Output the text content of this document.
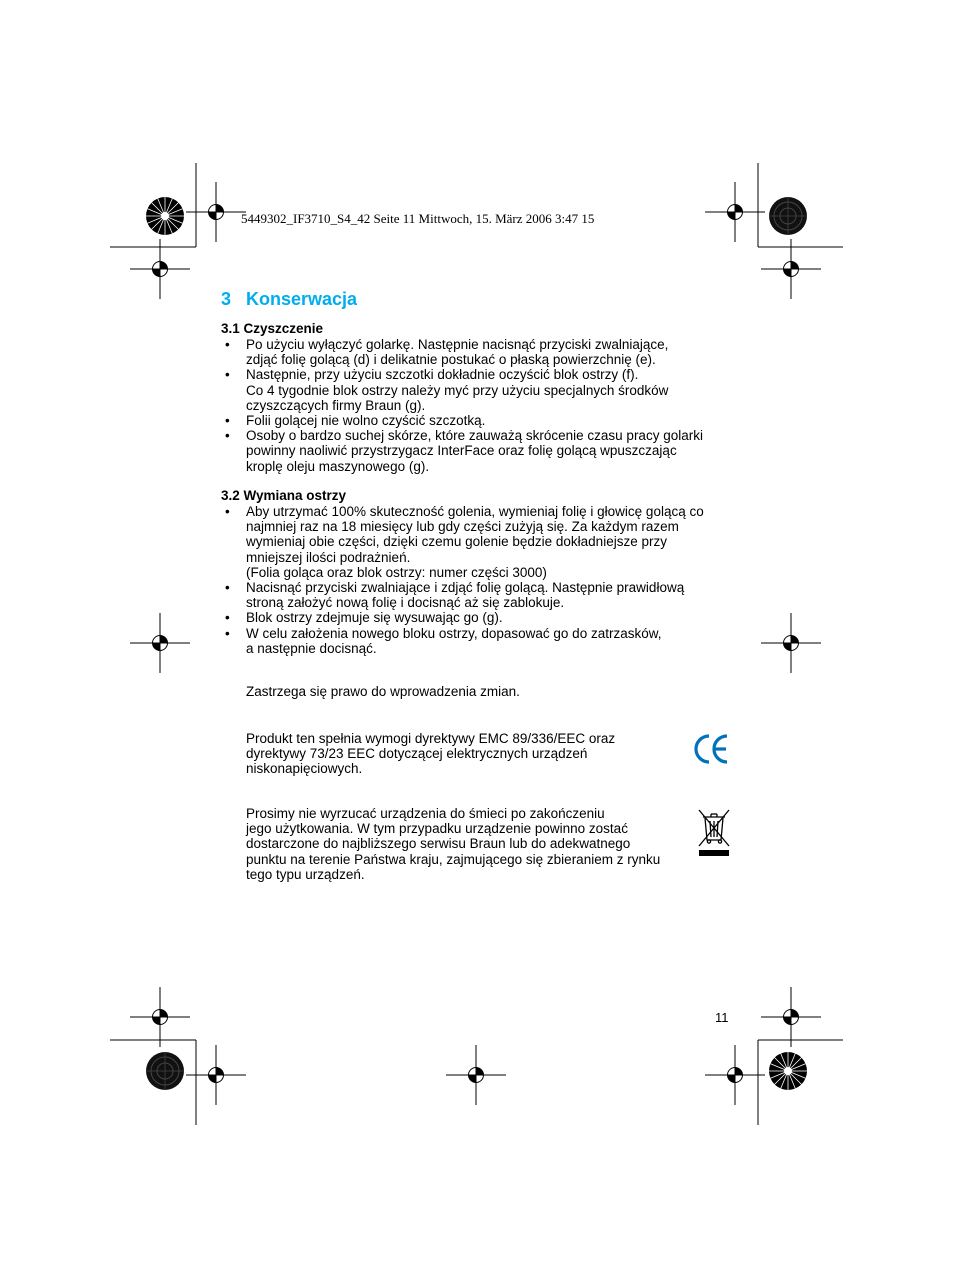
5449302_IF3710_S4_42 Seite 11 Mittwoch, 15. März 2006 3:47 15
3 Konserwacja
3.1 Czyszczenie
• Po użyciu wyłączyć golarkę. Następnie nacisnąć przyciski zwalniające,
zdjąć folię golącą (d) i delikatnie postukać o płaską powierzchnię (e).
• Następnie, przy użyciu szczotki dokładnie oczyścić blok ostrzy (f).
Co 4 tygodnie blok ostrzy należy myć przy użyciu specjalnych środków
czyszczących firmy Braun (g).
• Folii golącej nie wolno czyścić szczotką.
• Osoby o bardzo suchej skórze, które zauważą skrócenie czasu pracy golarki
powinny naoliwić przystrzygacz InterFace oraz folię golącą wpuszczając
kroplę oleju maszynowego (g).
3.2 Wymiana ostrzy
• Aby utrzymać 100% skuteczność golenia, wymieniaj folię i głowicę golącą co
najmniej raz na 18 miesięcy lub gdy części zużyją się. Za każdym razem
wymieniaj obie części, dzięki czemu golenie będzie dokładniejsze przy
mniejszej ilości podrażnień.
(Folia goląca oraz blok ostrzy: numer części 3000)
• Nacisnąć przyciski zwalniające i zdjąć folię golącą. Następnie prawidłową
stroną założyć nową folię i docisnąć aż się zablokuje.
• Blok ostrzy zdejmuje się wysuwając go (g).
• W celu założenia nowego bloku ostrzy, dopasować go do zatrzasków,
a następnie docisnąć.
Zastrzega się prawo do wprowadzenia zmian.
Produkt ten spełnia wymogi dyrektywy EMC 89/336/EEC oraz
dyrektywy 73/23 EEC dotyczącej elektrycznych urządzeń
niskonapięciowych.
Prosimy nie wyrzucać urządzenia do śmieci po zakończeniu
jego użytkowania. W tym przypadku urządzenie powinno zostać
dostarczone do najbliższego serwisu Braun lub do adekwatnego
punktu na terenie Państwa kraju, zajmującego się zbieraniem z rynku
tego typu urządzeń.
11
